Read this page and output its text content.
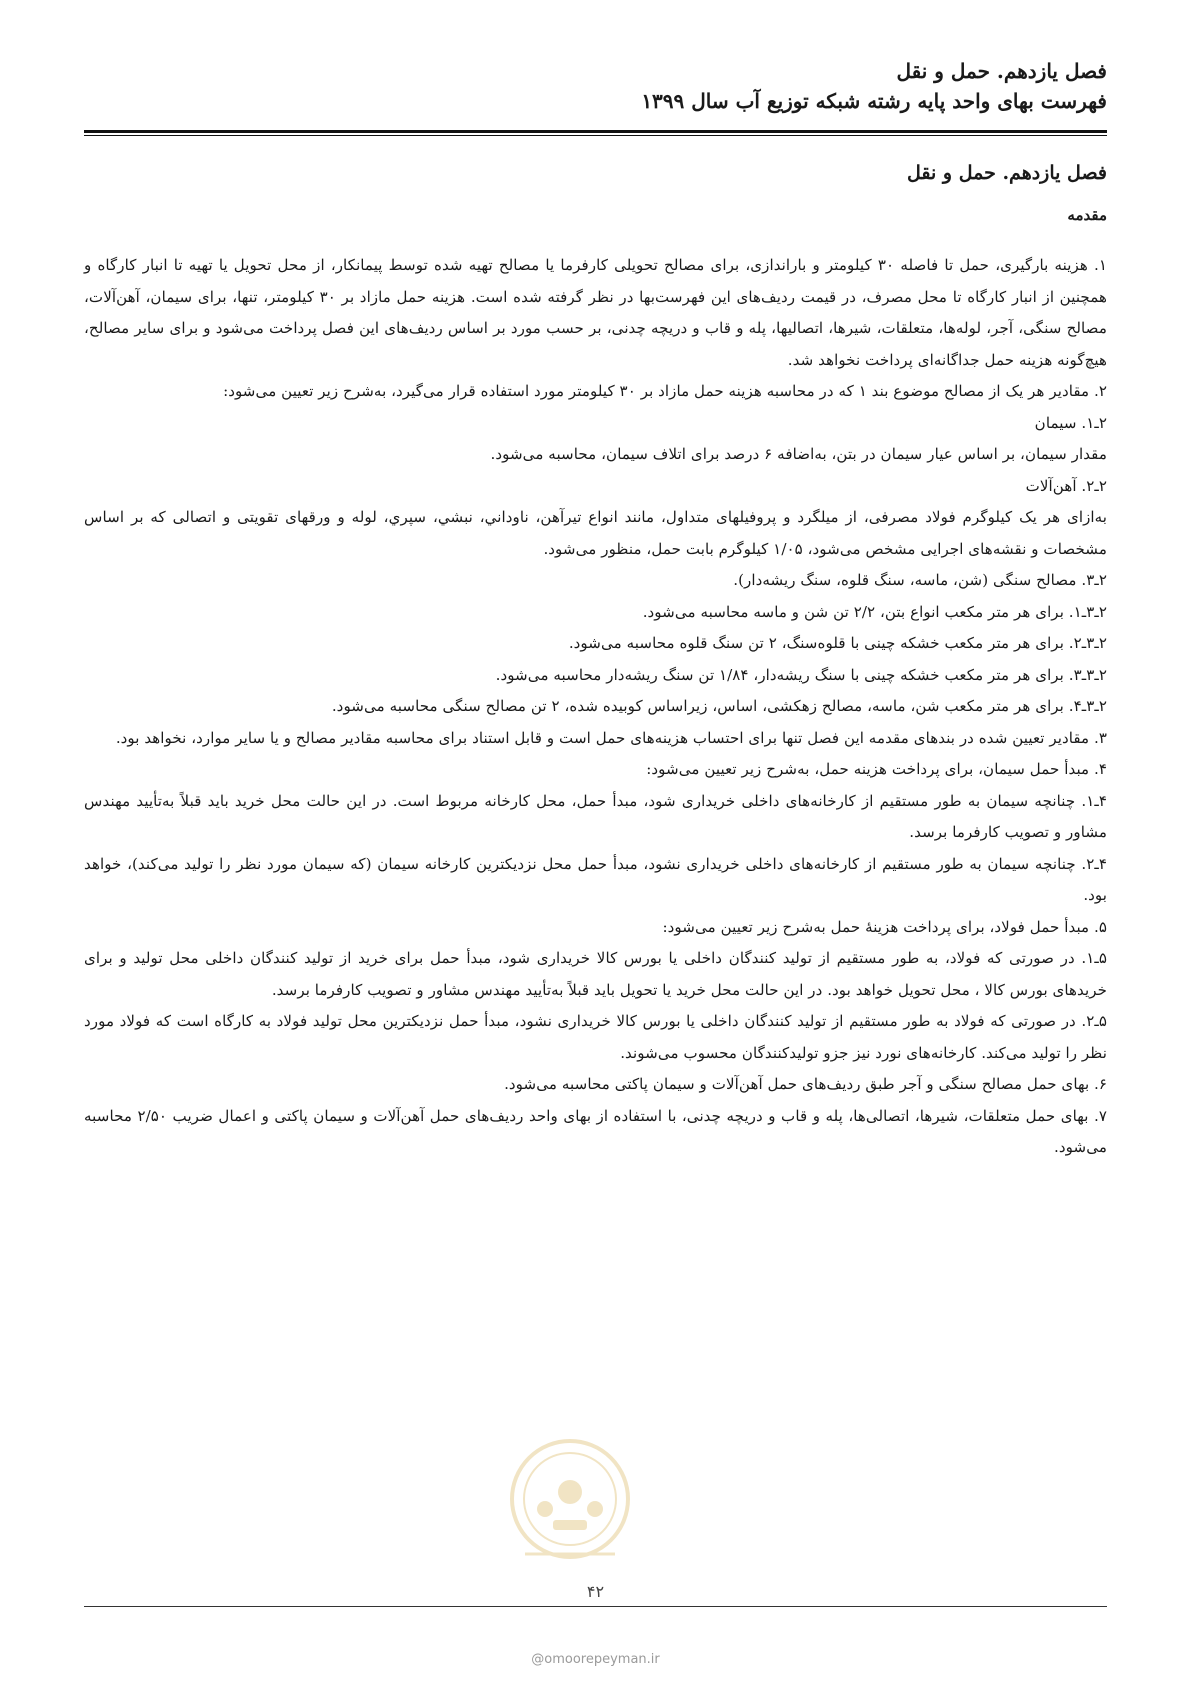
فصل یازدهم. حمل و نقل

فهرست بهای واحد پایه رشته شبکه توزیع آب سال ۱۳۹۹

فصل یازدهم. حمل و نقل
مقدمه

۱. هزینه بارگیری، حمل تا فاصله ۳۰ کیلومتر و باراندازی، برای مصالح تحویلی کارفرما یا مصالح تهیه شده توسط پیمانکار، از محل تحویل یا تهیه تا انبار کارگاه و همچنین از انبار کارگاه تا محل مصرف، در قیمت ردیف‌های این فهرست‌بها در نظر گرفته شده است. هزینه حمل مازاد بر ۳۰ کیلومتر، تنها، برای سیمان، آهن‌آلات، مصالح سنگی، آجر، لوله‌ها، متعلقات، شیرها، اتصالیها، پله و قاب و دریچه چدنی، بر حسب مورد بر اساس ردیف‌های این فصل پرداخت می‌شود و برای سایر مصالح، هیچ‌گونه هزینه حمل جداگانه‌ای پرداخت نخواهد شد.

۲. مقادیر هر یک از مصالح موضوع بند ۱ که در محاسبه هزینه حمل مازاد بر ۳۰ کیلومتر مورد استفاده قرار می‌گیرد، به‌شرح زیر تعیین می‌شود:

۲ـ۱. سیمان

مقدار سیمان، بر اساس عیار سیمان در بتن، به‌اضافه ۶ درصد برای اتلاف سیمان، محاسبه می‌شود.

۲ـ۲. آهن‌آلات

به‌ازای هر یک کیلوگرم فولاد مصرفی، از میلگرد و پروفیلهای متداول، مانند انواع تیرآهن، ناوداني، نبشي، سپري، لوله و ورقهای تقویتی و اتصالی که بر اساس مشخصات و نقشه‌های اجرایی مشخص می‌شود، ۱/۰۵ کیلوگرم بابت حمل، منظور می‌شود.

۲ـ۳. مصالح سنگی (شن، ماسه، سنگ قلوه، سنگ ریشه‌دار).

۲ـ۳ـ۱. برای هر متر مکعب انواع بتن، ۲/۲ تن شن و ماسه محاسبه می‌شود.

۲ـ۳ـ۲. برای هر متر مکعب خشکه چینی با قلوه‌سنگ، ۲ تن سنگ قلوه محاسبه می‌شود.

۲ـ۳ـ۳. برای هر متر مکعب خشکه چینی با سنگ ریشه‌دار، ۱/۸۴ تن سنگ ریشه‌دار محاسبه می‌شود.

۲ـ۳ـ۴. برای هر متر مکعب شن، ماسه، مصالح زهکشی، اساس، زیراساس کوبیده شده، ۲ تن مصالح سنگی محاسبه می‌شود.

۳. مقادیر تعیین شده در بندهای مقدمه این فصل تنها برای احتساب هزینه‌های حمل است و قابل استناد برای محاسبه مقادیر مصالح و یا سایر موارد، نخواهد بود.

۴. مبدأ حمل سیمان، برای پرداخت هزینه حمل، به‌شرح زیر تعیین می‌شود:

۴ـ۱. چنانچه سیمان به طور مستقیم از کارخانه‌های داخلی خریداری شود، مبدأ حمل، محل کارخانه مربوط است. در این حالت محل خرید باید قبلاً به‌تأیید مهندس مشاور و تصویب کارفرما برسد.

۴ـ۲. چنانچه سیمان به طور مستقیم از کارخانه‌های داخلی خریداری نشود، مبدأ حمل محل نزدیکترین کارخانه سیمان (که سیمان مورد نظر را تولید می‌کند)، خواهد بود.

۵. مبدأ حمل فولاد، برای پرداخت هزینهٔ حمل به‌شرح زیر تعیین می‌شود:

۵ـ۱. در صورتی که فولاد، به طور مستقیم از تولید کنندگان داخلی یا بورس کالا خریداری شود، مبدأ حمل برای خرید از تولید کنندگان داخلی محل تولید و برای خریدهای بورس کالا ، محل تحویل خواهد بود. در این حالت محل خرید یا تحویل باید قبلاً به‌تأیید مهندس مشاور و تصویب کارفرما برسد.

۵ـ۲. در صورتی که فولاد به طور مستقیم از تولید کنندگان داخلی یا بورس کالا خریداری نشود، مبدأ حمل نزدیکترین محل تولید فولاد به کارگاه است که فولاد مورد نظر را تولید می‌کند. کارخانه‌های نورد نیز جزو تولیدکنندگان محسوب می‌شوند.

۶. بهای حمل مصالح سنگی و آجر طبق ردیف‌های حمل آهن‌آلات و سیمان پاکتی محاسبه می‌شود.

۷. بهای حمل متعلقات، شیرها، اتصالی‌ها، پله و قاب و دریچه چدنی، با استفاده از بهای واحد ردیف‌های حمل آهن‌آلات و سیمان پاکتی و اعمال ضریب ۲/۵۰ محاسبه می‌شود.

۴۲
@omoorepeyman.ir
